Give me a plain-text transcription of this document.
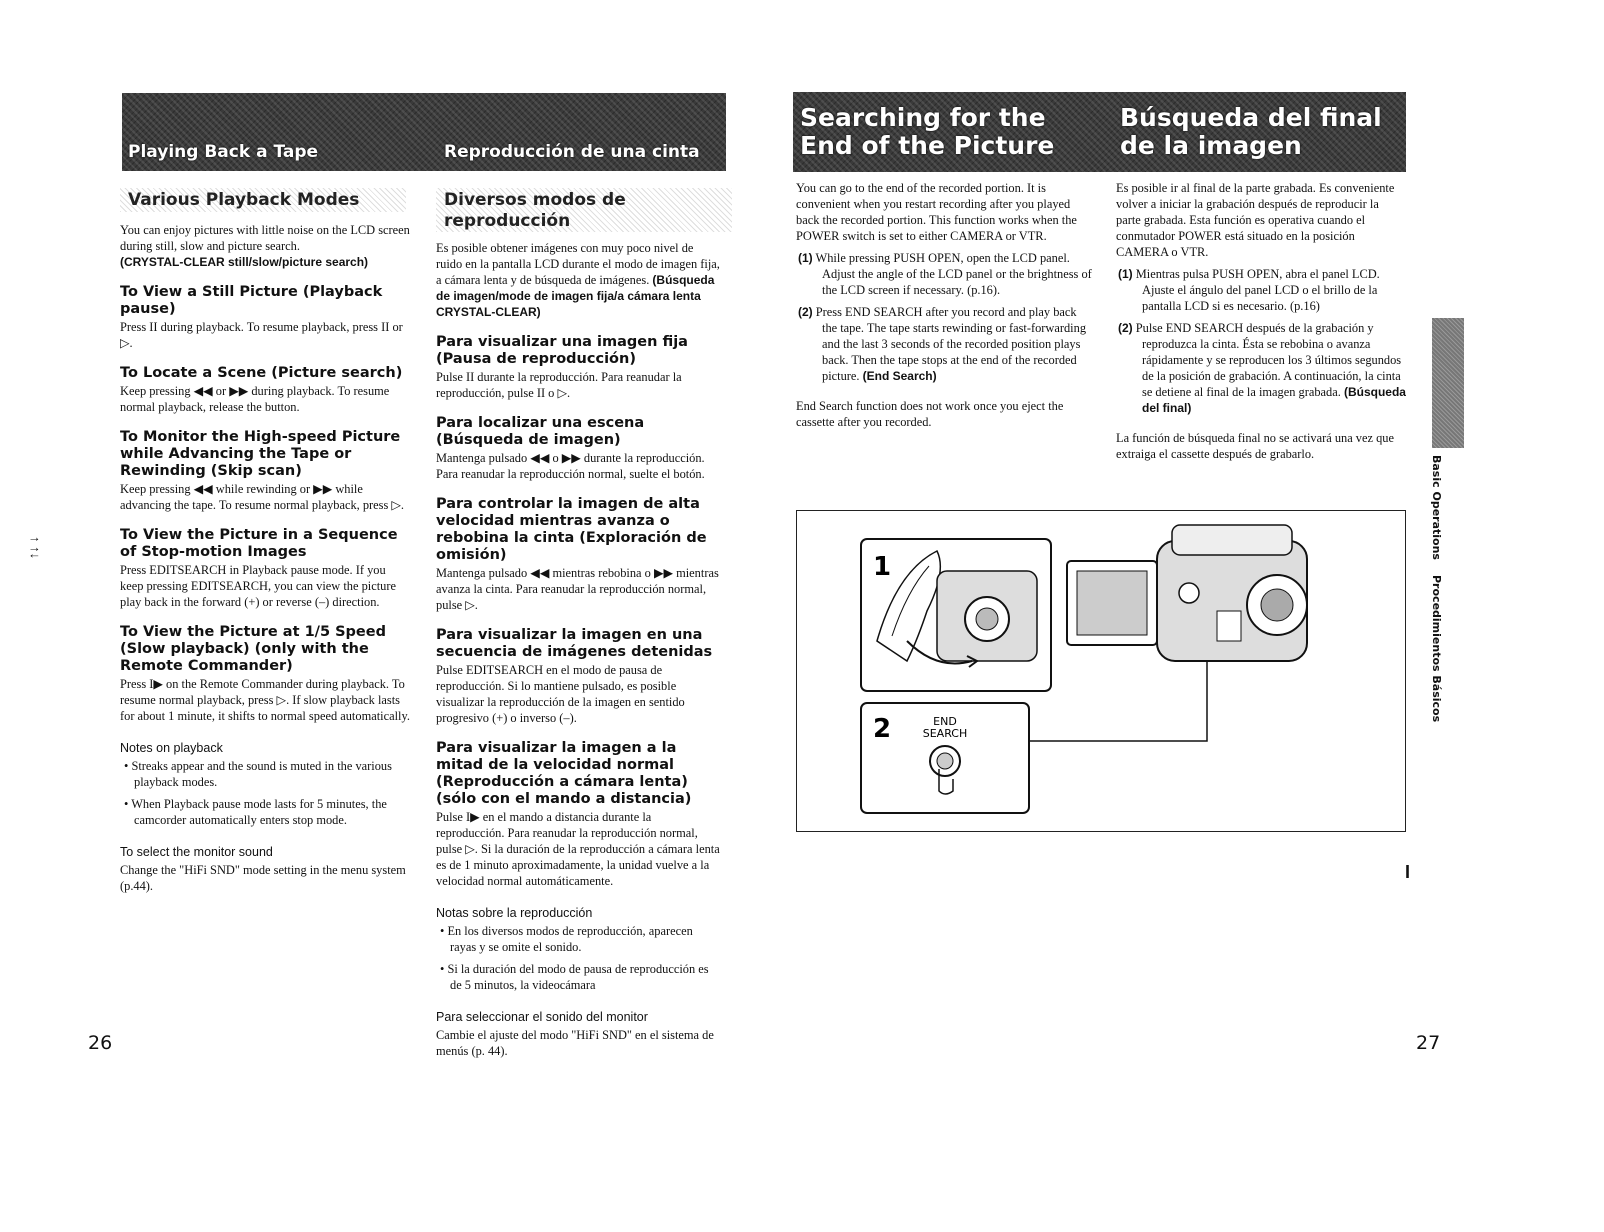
Playing Back a Tape	Reproducción de una cinta
Various Playback Modes	Diversos modos de reproducción

You can enjoy pictures with little noise on the LCD screen during still, slow and picture search.
(CRYSTAL-CLEAR still/slow/picture search)

To View a Still Picture (Playback pause)

Press II during playback. To resume playback, press II or ▷.

To Locate a Scene (Picture search)

Keep pressing ◀◀ or ▶▶ during playback. To resume normal playback, release the button.

To Monitor the High-speed Picture while Advancing the Tape or Rewinding (Skip scan)

Keep pressing ◀◀ while rewinding or ▶▶ while advancing the tape. To resume normal playback, press ▷.

To View the Picture in a Sequence of Stop-motion Images

Press EDITSEARCH in Playback pause mode. If you keep pressing EDITSEARCH, you can view the picture play back in the forward (+) or reverse (–) direction.

To View the Picture at 1/5 Speed (Slow playback) (only with the Remote Commander)

Press I▶ on the Remote Commander during playback. To resume normal playback, press ▷. If slow playback lasts for about 1 minute, it shifts to normal speed automatically.

Notes on playback

• Streaks appear and the sound is muted in the various playback modes.

• When Playback pause mode lasts for 5 minutes, the camcorder automatically enters stop mode.

To select the monitor sound

Change the "HiFi SND" mode setting in the menu system (p.44).

Es posible obtener imágenes con muy poco nivel de ruido en la pantalla LCD durante el modo de imagen fija, a cámara lenta y de búsqueda de imágenes. (Búsqueda de imagen/mode de imagen fija/a cámara lenta CRYSTAL-CLEAR)

Para visualizar una imagen fija (Pausa de reproducción)

Pulse II durante la reproducción. Para reanudar la reproducción, pulse II o ▷.

Para localizar una escena (Búsqueda de imagen)

Mantenga pulsado ◀◀ o ▶▶ durante la reproducción. Para reanudar la reproducción normal, suelte el botón.

Para controlar la imagen de alta velocidad mientras avanza o rebobina la cinta (Exploración de omisión)

Mantenga pulsado ◀◀ mientras rebobina o ▶▶ mientras avanza la cinta. Para reanudar la reproducción normal, pulse ▷.

Para visualizar la imagen en una secuencia de imágenes detenidas

Pulse EDITSEARCH en el modo de pausa de reproducción. Si lo mantiene pulsado, es posible visualizar la reproducción de la imagen en sentido progresivo (+) o inverso (–).

Para visualizar la imagen a la mitad de la velocidad normal (Reproducción a cámara lenta) (sólo con el mando a distancia)

Pulse I▶ en el mando a distancia durante la reproducción. Para reanudar la reproducción normal, pulse ▷. Si la duración de la reproducción a cámara lenta es de 1 minuto aproximadamente, la unidad vuelve a la velocidad normal automáticamente.

Notas sobre la reproducción

• En los diversos modos de reproducción, aparecen rayas y se omite el sonido.

• Si la duración del modo de pausa de reproducción es de 5 minutos, la videocámara

Para seleccionar el sonido del monitor

Cambie el ajuste del modo "HiFi SND" en el sistema de menús (p. 44).

26
↑ ↑↓
Searching for the End of the Picture
Búsqueda del final de la imagen

You can go to the end of the recorded portion. It is convenient when you restart recording after you played back the recorded portion. This function works when the POWER switch is set to either CAMERA or VTR.

(1) While pressing PUSH OPEN, open the LCD panel. Adjust the angle of the LCD panel or the brightness of the LCD screen if necessary. (p.16).

(2) Press END SEARCH after you record and play back the tape. The tape starts rewinding or fast-forwarding and the last 3 seconds of the recorded position plays back. Then the tape stops at the end of the recorded picture. (End Search)

End Search function does not work once you eject the cassette after you recorded.

Es posible ir al final de la parte grabada. Es conveniente volver a iniciar la grabación después de reproducir la parte grabada. Esta función es operativa cuando el conmutador POWER está situado en la posición CAMERA o VTR.

(1) Mientras pulsa PUSH OPEN, abra el panel LCD. Ajuste el ángulo del panel LCD o el brillo de la pantalla LCD si es necesario. (p.16)

(2) Pulse END SEARCH después de la grabación y reproduzca la cinta. Ésta se rebobina o avanza rápidamente y se reproducen los 3 últimos segundos de la posición de grabación. A continuación, la cinta se detiene al final de la imagen grabada. (Búsqueda del final)

La función de búsqueda final no se activará una vez que extraiga el cassette después de grabarlo.

Basic Operations
Procedimientos Básicos
1
2	END
SEARCH
27
I
